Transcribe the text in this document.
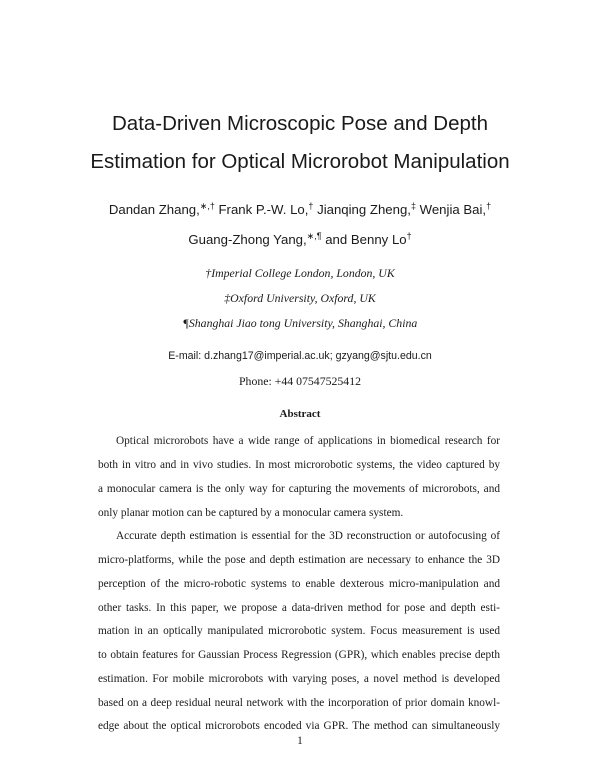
Data-Driven Microscopic Pose and Depth
Estimation for Optical Microrobot Manipulation
Dandan Zhang,∗,† Frank P.-W. Lo,† Jianqing Zheng,‡ Wenjia Bai,†
Guang-Zhong Yang,∗,¶ and Benny Lo†
†Imperial College London, London, UK
‡Oxford University, Oxford, UK
¶Shanghai Jiao tong University, Shanghai, China
E-mail: d.zhang17@imperial.ac.uk; gzyang@sjtu.edu.cn
Phone: +44 07547525412
Abstract
Optical microrobots have a wide range of applications in biomedical research for
both in vitro and in vivo studies. In most microrobotic systems, the video captured by
a monocular camera is the only way for capturing the movements of microrobots, and
only planar motion can be captured by a monocular camera system.
Accurate depth estimation is essential for the 3D reconstruction or autofocusing of
micro-platforms, while the pose and depth estimation are necessary to enhance the 3D
perception of the micro-robotic systems to enable dexterous micro-manipulation and
other tasks. In this paper, we propose a data-driven method for pose and depth esti-
mation in an optically manipulated microrobotic system. Focus measurement is used
to obtain features for Gaussian Process Regression (GPR), which enables precise depth
estimation. For mobile microrobots with varying poses, a novel method is developed
based on a deep residual neural network with the incorporation of prior domain knowl-
edge about the optical microrobots encoded via GPR. The method can simultaneously
1
